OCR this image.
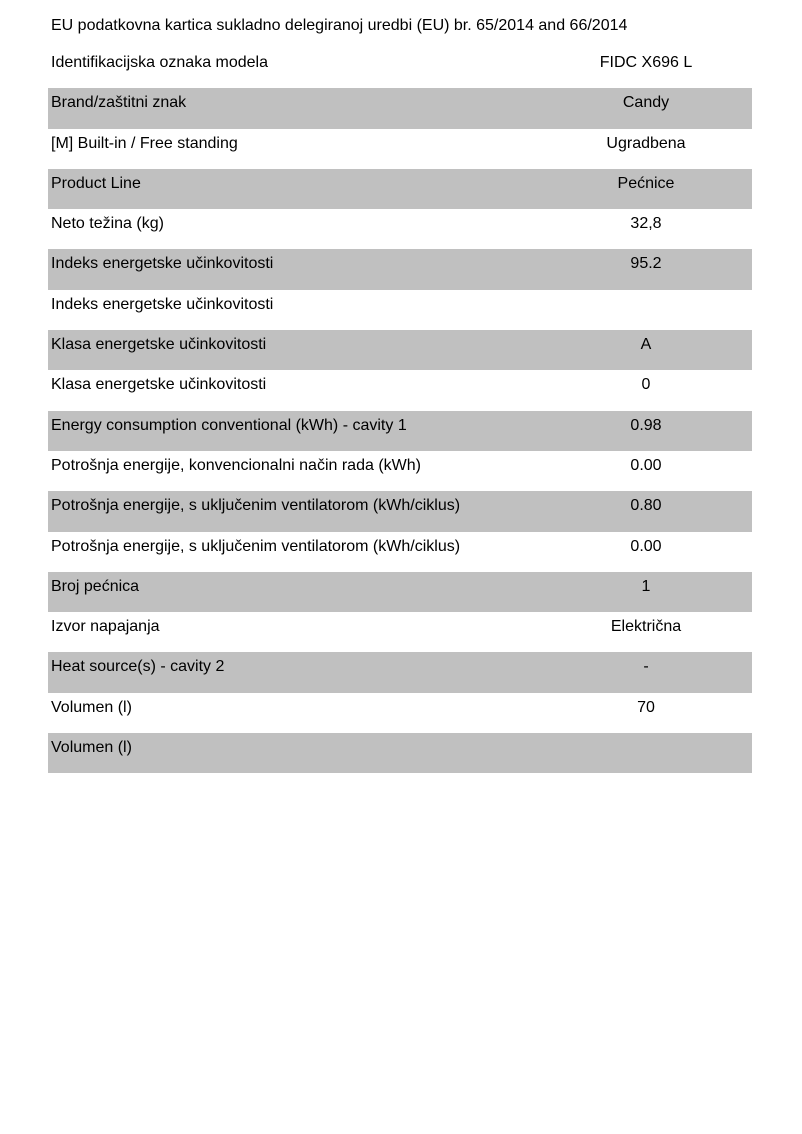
EU podatkovna kartica sukladno delegiranoj uredbi (EU) br. 65/2014 and 66/2014
Identifikacijska oznaka modela	FIDC X696 L
Brand/zaštitni znak	Candy
[M] Built-in / Free standing	Ugradbena
Product Line	Pećnice
Neto težina (kg)	32,8
Indeks energetske učinkovitosti	95.2
Indeks energetske učinkovitosti
Klasa energetske učinkovitosti	A
Klasa energetske učinkovitosti	0
Energy consumption conventional (kWh) - cavity 1	0.98
Potrošnja energije, konvencionalni način rada (kWh)	0.00
Potrošnja energije, s uključenim ventilatorom (kWh/ciklus)	0.80
Potrošnja energije, s uključenim ventilatorom (kWh/ciklus)	0.00
Broj pećnica	1
Izvor napajanja	Električna
Heat source(s) - cavity 2	-
Volumen (l)	70
Volumen (l)
